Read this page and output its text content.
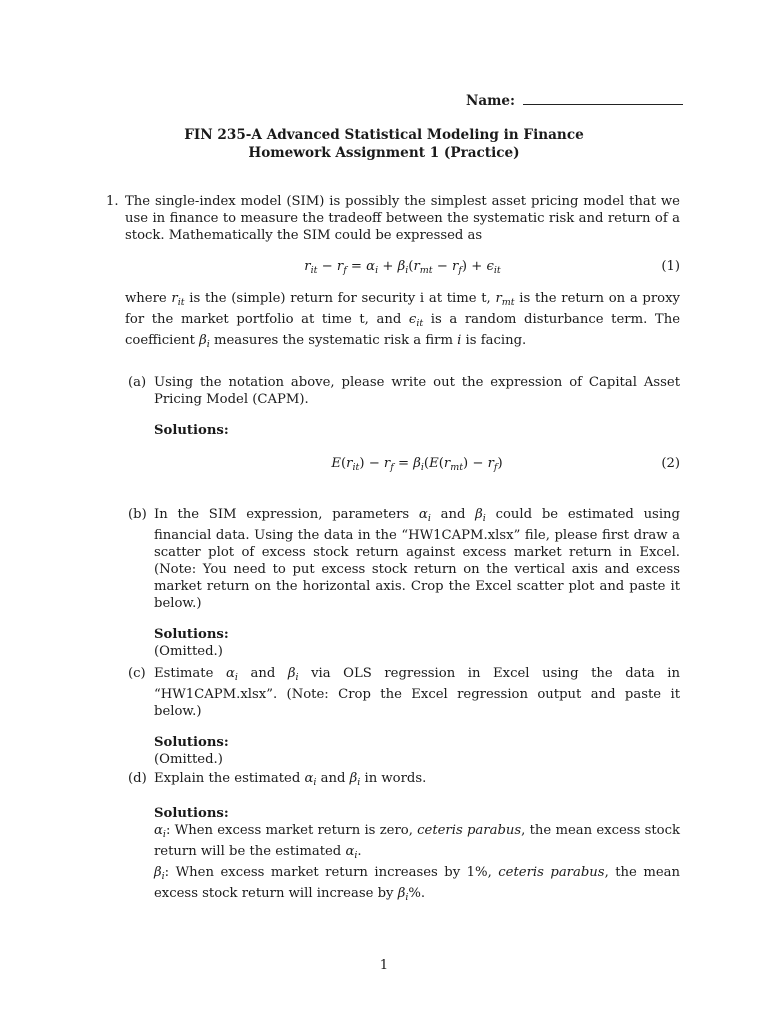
Name:
FIN 235-A Advanced Statistical Modeling in Finance
Homework Assignment 1 (Practice)
1. The single-index model (SIM) is possibly the simplest asset pricing model that we use in finance to measure the tradeoff between the systematic risk and return of a stock. Mathematically the SIM could be expressed as
$r_{it} - r_f = \alpha_i + \beta_i(r_{mt} - r_f) + \epsilon_{it}$	(1)
where $r_{it}$ is the (simple) return for security i at time t, $r_{mt}$ is the return on a proxy for the market portfolio at time t, and $\epsilon_{it}$ is a random disturbance term. The coefficient $\beta_i$ measures the systematic risk a firm i is facing.
(a) Using the notation above, please write out the expression of Capital Asset Pricing Model (CAPM).
Solutions:
$E(r_{it}) - r_f = \beta_i(E(r_{mt}) - r_f)$	(2)
(b) In the SIM expression, parameters $\alpha_i$ and $\beta_i$ could be estimated using financial data. Using the data in the “HW1CAPM.xlsx” file, please first draw a scatter plot of excess stock return against excess market return in Excel. (Note: You need to put excess stock return on the vertical axis and excess market return on the horizontal axis. Crop the Excel scatter plot and paste it below.)
Solutions:
(Omitted.)
(c) Estimate $\alpha_i$ and $\beta_i$ via OLS regression in Excel using the data in “HW1CAPM.xlsx”. (Note: Crop the Excel regression output and paste it below.)
Solutions:
(Omitted.)
(d) Explain the estimated $\alpha_i$ and $\beta_i$ in words.
Solutions:
$\alpha_i$: When excess market return is zero, ceteris parabus, the mean excess stock return will be the estimated $\alpha_i$.
$\beta_i$: When excess market return increases by 1%, ceteris parabus, the mean excess stock return will increase by $\beta_i\%$.
1
